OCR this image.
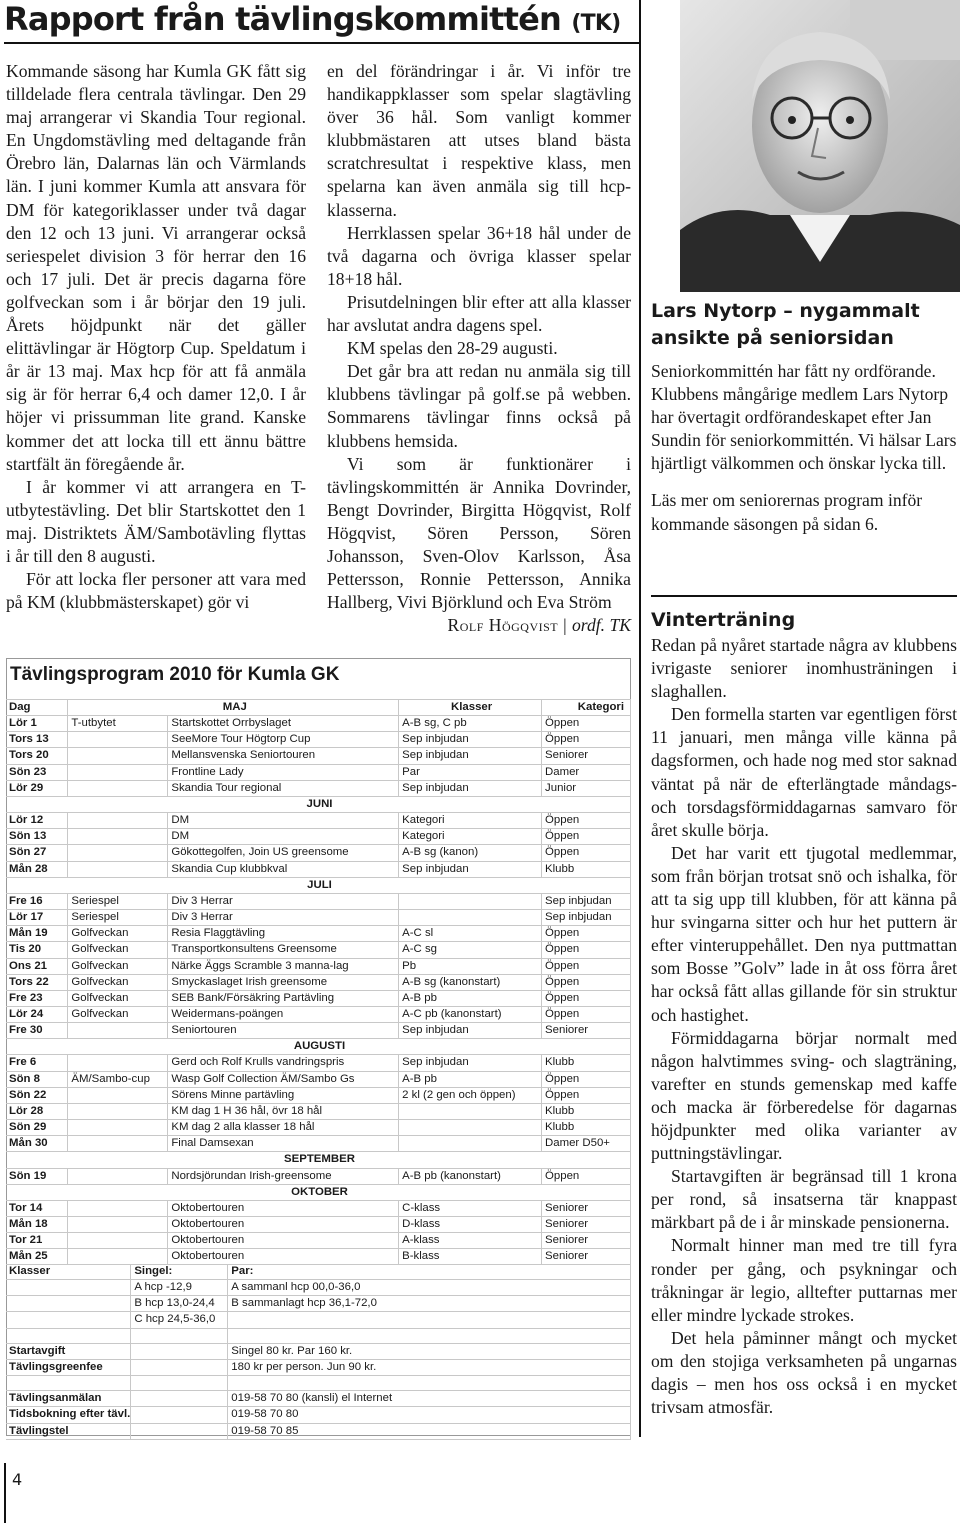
Rapport från tävlingskommittén (TK)

Kommande säsong har Kumla GK fått sig tilldelade flera centrala tävlingar. Den 29 maj arrangerar vi Skandia Tour regional. En Ungdomstävling med deltagande från Örebro län, Dalarnas län och Värmlands län. I juni kommer Kumla att ansvara för DM för kategoriklasser under två dagar den 12 och 13 juni. Vi arrangerar också seriespelet division 3 för herrar den 16 och 17 juli. Det är precis dagarna före golfveckan som i år börjar den 19 juli. Årets höjdpunkt när det gäller elittävlingar är Högtorp Cup. Speldatum i år är 13 maj. Max hcp för att få anmäla sig är för herrar 6,4 och damer 12,0. I år höjer vi prissumman lite grand. Kanske kommer det att locka till ett ännu bättre startfält än föregående år.

I år kommer vi att arrangera en T-utbytestävling. Det blir Startskottet den 1 maj. Distriktets ÄM/Sambotävling flyttas i år till den 8 augusti.

För att locka fler personer att vara med på KM (klubbmästerskapet) gör vi

en del förändringar i år. Vi inför tre handikappklasser som spelar slagtävling över 36 hål. Som vanligt kommer klubbmästaren att utses bland bästa scratchresultat i respektive klass, men spelarna kan även anmäla sig till hcp-klasserna.

Herrklassen spelar 36+18 hål under de två dagarna och övriga klasser spelar 18+18 hål.

Prisutdelningen blir efter att alla klasser har avslutat andra dagens spel.

KM spelas den 28-29 augusti.

Det går bra att redan nu anmäla sig till klubbens tävlingar på golf.se på webben. Sommarens tävlingar finns också på klubbens hemsida.

Vi som är funktionärer i tävlingskommittén är Annika Dovrinder, Bengt Dovrinder, Birgitta Högqvist, Rolf Högqvist, Sören Persson, Sören Johansson, Sven-Olov Karlsson, Åsa Pettersson, Ronnie Pettersson, Annika Hallberg, Vivi Björklund och Eva Ström

Rolf Högqvist | ordf. TK

Lars Nytorp – nygammalt ansikte på seniorsidan

Seniorkommittén har fått ny ordförande. Klubbens mångårige medlem Lars Nytorp har övertagit ordförandeskapet efter Jan Sundin för seniorkommittén. Vi hälsar Lars hjärtligt välkommen och önskar lycka till.

Läs mer om seniorernas program inför kommande säsongen på sidan 6.

Vinterträning

Redan på nyåret startade några av klubbens ivrigaste seniorer inomhusträningen i slaghallen.

Den formella starten var egentligen först 11 januari, men många ville känna på dagsformen, och hade nog med stor saknad väntat på när de efterlängtade måndags- och torsdagsförmiddagarnas samvaro för året skulle börja.

Det har varit ett tjugotal medlemmar, som från början trotsat snö och ishalka, för att ta sig upp till klubben, för att känna på hur svingarna sitter och hur het puttern är efter vinteruppehållet. Den nya puttmattan som Bosse ”Golv” lade in åt oss förra året har också fått allas gillande för sin struktur och hastighet.

Förmiddagarna börjar normalt med någon halvtimmes sving- och slagträning, varefter en stunds gemenskap med kaffe och macka är förberedelse för dagarnas höjdpunkter med olika varianter av puttningstävlingar.

Startavgiften är begränsad till 1 krona per rond, så insatserna tär knappast märkbart på de i år minskade pensionerna.

Normalt hinner man med tre till fyra ronder per gång, och psykningar och tråkningar är legio, alltefter puttarnas mer eller mindre lyckade strokes.

Det hela påminner mångt och mycket om den stojiga verksamheten på ungarnas dagis – men hos oss också i en mycket trivsam atmosfär.

Tävlingsprogram 2010 för Kumla GK
Dag	MAJ		Klasser	Kategori
Lör 1	T-utbytet	Startskottet Orrbyslaget	A-B sg, C pb	Öppen
Tors 13		SeeMore Tour Högtorp Cup	Sep inbjudan	Öppen
Tors 20		Mellansvenska Seniortouren	Sep inbjudan	Seniorer
Sön 23		Frontline Lady	Par	Damer
Lör 29		Skandia Tour regional	Sep inbjudan	Junior
JUNI				
Lör 12		DM	Kategori	Öppen
Sön 13		DM	Kategori	Öppen
Sön 27		Gökottegolfen, Join US greensome	A-B sg (kanon)	Öppen
Mån 28		Skandia Cup klubbkval	Sep inbjudan	Klubb
JULI				
Fre 16	Seriespel	Div 3 Herrar		Sep inbjudan
Lör 17	Seriespel	Div 3 Herrar		Sep inbjudan
Mån 19	Golfveckan	Resia Flaggtävling	A-C sl	Öppen
Tis 20	Golfveckan	Transportkonsultens Greensome	A-C sg	Öppen
Ons 21	Golfveckan	Närke Äggs Scramble 3 manna-lag	Pb	Öppen
Tors 22	Golfveckan	Smyckaslaget Irish greensome	A-B sg (kanonstart)	Öppen
Fre 23	Golfveckan	SEB Bank/Försäkring Partävling	A-B pb	Öppen
Lör 24	Golfveckan	Weidermans-poängen	A-C pb (kanonstart)	Öppen
Fre 30		Seniortouren	Sep inbjudan	Seniorer
AUGUSTI				
Fre 6		Gerd och Rolf Krulls vandringspris	Sep inbjudan	Klubb
Sön 8	ÄM/Sambo-cup	Wasp Golf Collection ÄM/Sambo Gs	A-B pb	Öppen
Sön 22		Sörens Minne partävling	2 kl (2 gen och öppen)	Öppen
Lör 28		KM dag 1 H 36 hål, övr 18 hål		Klubb
Sön 29		KM dag 2 alla klasser 18 hål		Klubb
Mån 30		Final Damsexan		Damer D50+
SEPTEMBER				
Sön 19		Nordsjörundan Irish-greensome	A-B pb (kanonstart)	Öppen
OKTOBER				
Tor 14		Oktobertouren	C-klass	Seniorer
Mån 18		Oktobertouren	D-klass	Seniorer
Tor 21		Oktobertouren	A-klass	Seniorer
Mån 25		Oktobertouren	B-klass	Seniorer
Klasser	Singel:	Par:
	A hcp -12,9	A sammanl hcp 00,0-36,0
	B hcp 13,0-24,4	B sammanlagt hcp 36,1-72,0
	C hcp 24,5-36,0	

Startavgift		Singel 80 kr. Par 160 kr.
Tävlingsgreenfee		180 kr per person. Jun 90 kr.

Tävlingsanmälan		019-58 70 80 (kansli) el Internet
Tidsbokning efter tävl.		019-58 70 80
Tävlingstel		019-58 70 85
4
